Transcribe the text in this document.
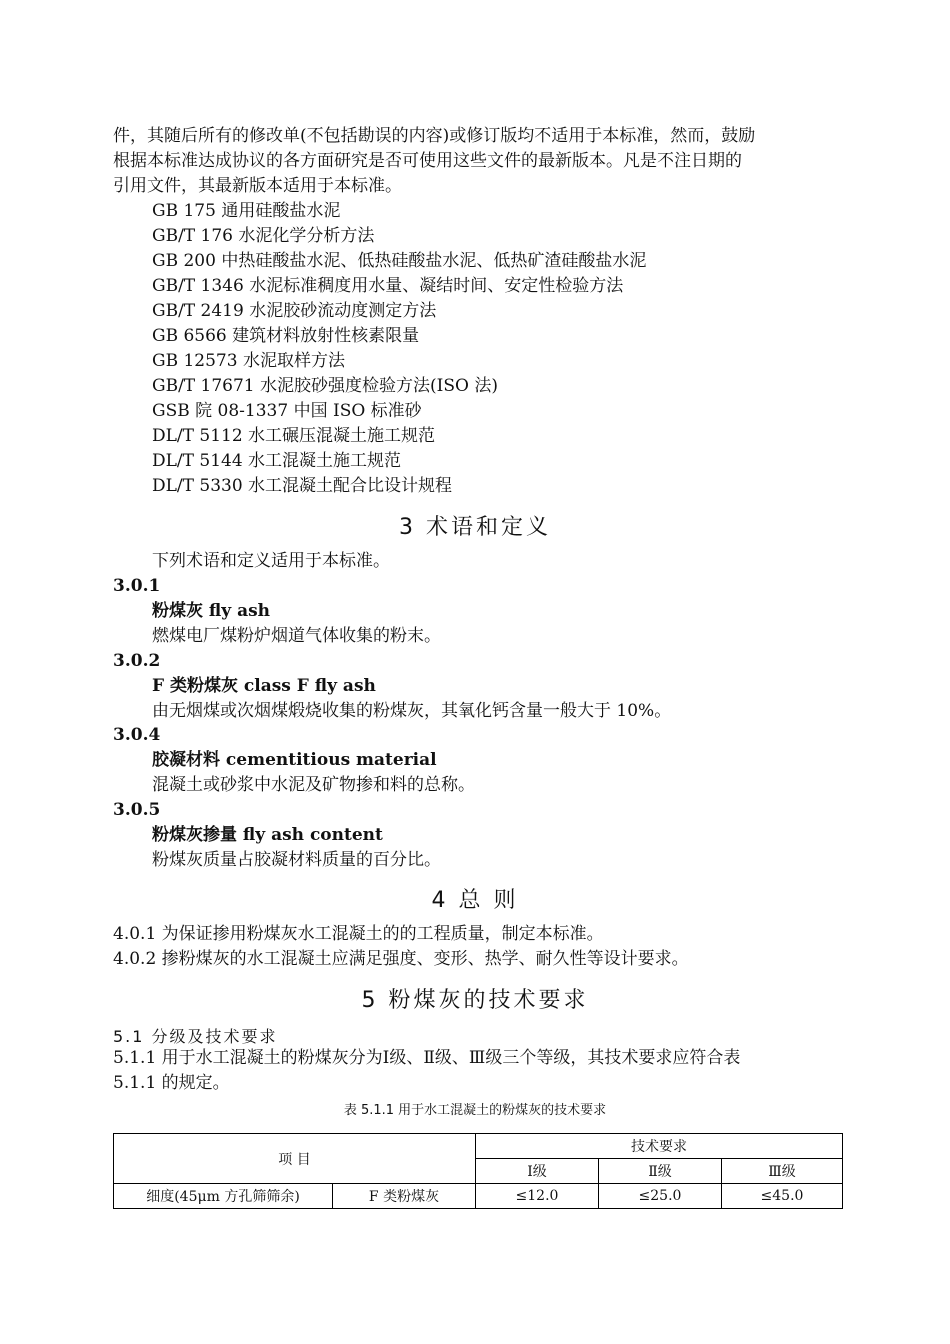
件，其随后所有的修改单(不包括勘误的内容)或修订版均不适用于本标准，然而，鼓励
根据本标准达成协议的各方面研究是否可使用这些文件的最新版本。凡是不注日期的
引用文件，其最新版本适用于本标准。
GB 175 通用硅酸盐水泥
GB/T 176 水泥化学分析方法
GB 200 中热硅酸盐水泥、低热硅酸盐水泥、低热矿渣硅酸盐水泥
GB/T 1346 水泥标准稠度用水量、凝结时间、安定性检验方法
GB/T 2419 水泥胶砂流动度测定方法
GB 6566 建筑材料放射性核素限量
GB 12573 水泥取样方法
GB/T 17671 水泥胶砂强度检验方法(ISO 法)
GSB 院 08-1337 中国 ISO 标准砂
DL/T 5112 水工碾压混凝土施工规范
DL/T 5144 水工混凝土施工规范
DL/T 5330 水工混凝土配合比设计规程
3 术语和定义
下列术语和定义适用于本标准。
3.0.1
粉煤灰 fly ash
燃煤电厂煤粉炉烟道气体收集的粉末。
3.0.2
F 类粉煤灰 class F fly ash
由无烟煤或次烟煤煅烧收集的粉煤灰，其氧化钙含量一般大于 10%。
3.0.4
胶凝材料 cementitious material
混凝土或砂浆中水泥及矿物掺和料的总称。
3.0.5
粉煤灰掺量 fly ash content
粉煤灰质量占胶凝材料质量的百分比。
4 总 则
4.0.1 为保证掺用粉煤灰水工混凝土的的工程质量，制定本标准。
4.0.2 掺粉煤灰的水工混凝土应满足强度、变形、热学、耐久性等设计要求。
5 粉煤灰的技术要求
5.1 分级及技术要求
5.1.1 用于水工混凝土的粉煤灰分为Ⅰ级、Ⅱ级、Ⅲ级三个等级，其技术要求应符合表
5.1.1 的规定。
表 5.1.1 用于水工混凝土的粉煤灰的技术要求
项 目		技术要求		
		Ⅰ级	Ⅱ级	Ⅲ级
细度(45μm 方孔筛筛余)	F 类粉煤灰	≤12.0	≤25.0	≤45.0
